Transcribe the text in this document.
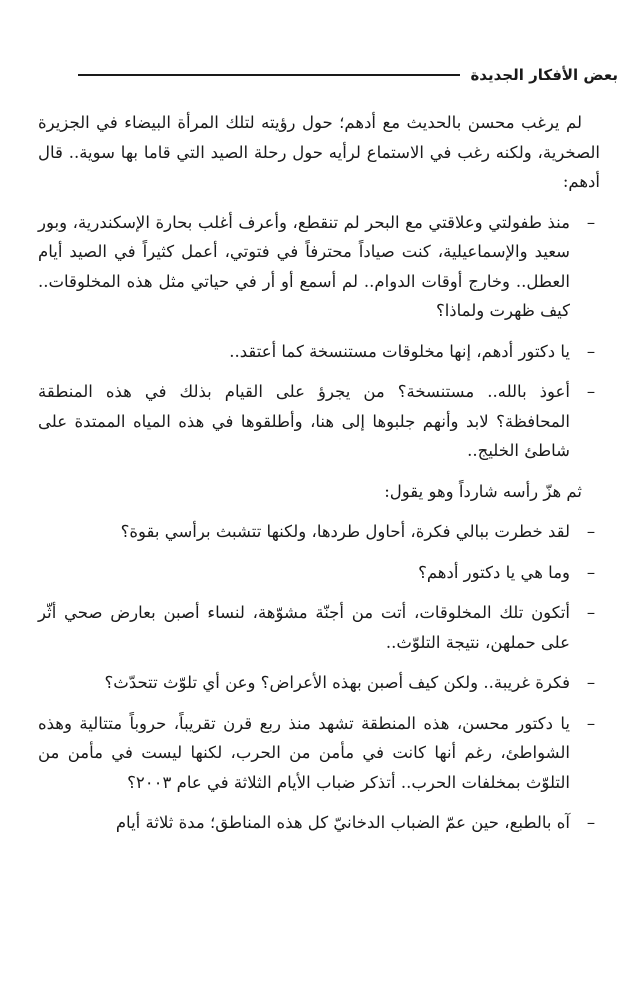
بعض الأفكار الجديدة

لم يرغب محسن بالحديث مع أدهم؛ حول رؤيته لتلك المرأة البيضاء في الجزيرة الصخرية، ولكنه رغب في الاستماع لرأيه حول رحلة الصيد التي قاما بها سوية.. قال أدهم:

–
منذ طفولتي وعلاقتي مع البحر لم تنقطع، وأعرف أغلب بحارة الإسكندرية، وبور سعيد والإسماعيلية، كنت صياداً محترفاً في فتوتي، أعمل كثيراً في الصيد أيام العطل.. وخارج أوقات الدوام.. لم أسمع أو أر في حياتي مثل هذه المخلوقات.. كيف ظهرت ولماذا؟
–
يا دكتور أدهم، إنها مخلوقات مستنسخة كما أعتقد..
–
أعوذ بالله.. مستنسخة؟ من يجرؤ على القيام بذلك في هذه المنطقة المحافظة؟ لابد وأنهم جلبوها إلى هنا، وأطلقوها في هذه المياه الممتدة على شاطئ الخليج..

ثم هزّ رأسه شارداً وهو يقول:

–
لقد خطرت ببالي فكرة، أحاول طردها، ولكنها تتشبث برأسي بقوة؟
–
وما هي يا دكتور أدهم؟
–
أتكون تلك المخلوقات، أتت من أجنّة مشوّهة، لنساء أصبن بعارض صحي أثّر على حملهن، نتيجة التلوّث..
–
فكرة غريبة.. ولكن كيف أصبن بهذه الأعراض؟ وعن أي تلوّث تتحدّث؟
–
يا دكتور محسن، هذه المنطقة تشهد منذ ربع قرن تقريباً، حروباً متتالية وهذه الشواطئ، رغم أنها كانت في مأمن من الحرب، لكنها ليست في مأمن من التلوّث بمخلفات الحرب.. أتذكر ضباب الأيام الثلاثة في عام ٢٠٠٣؟
–
آه بالطبع، حين عمّ الضباب الدخانيّ كل هذه المناطق؛ مدة ثلاثة أيام
